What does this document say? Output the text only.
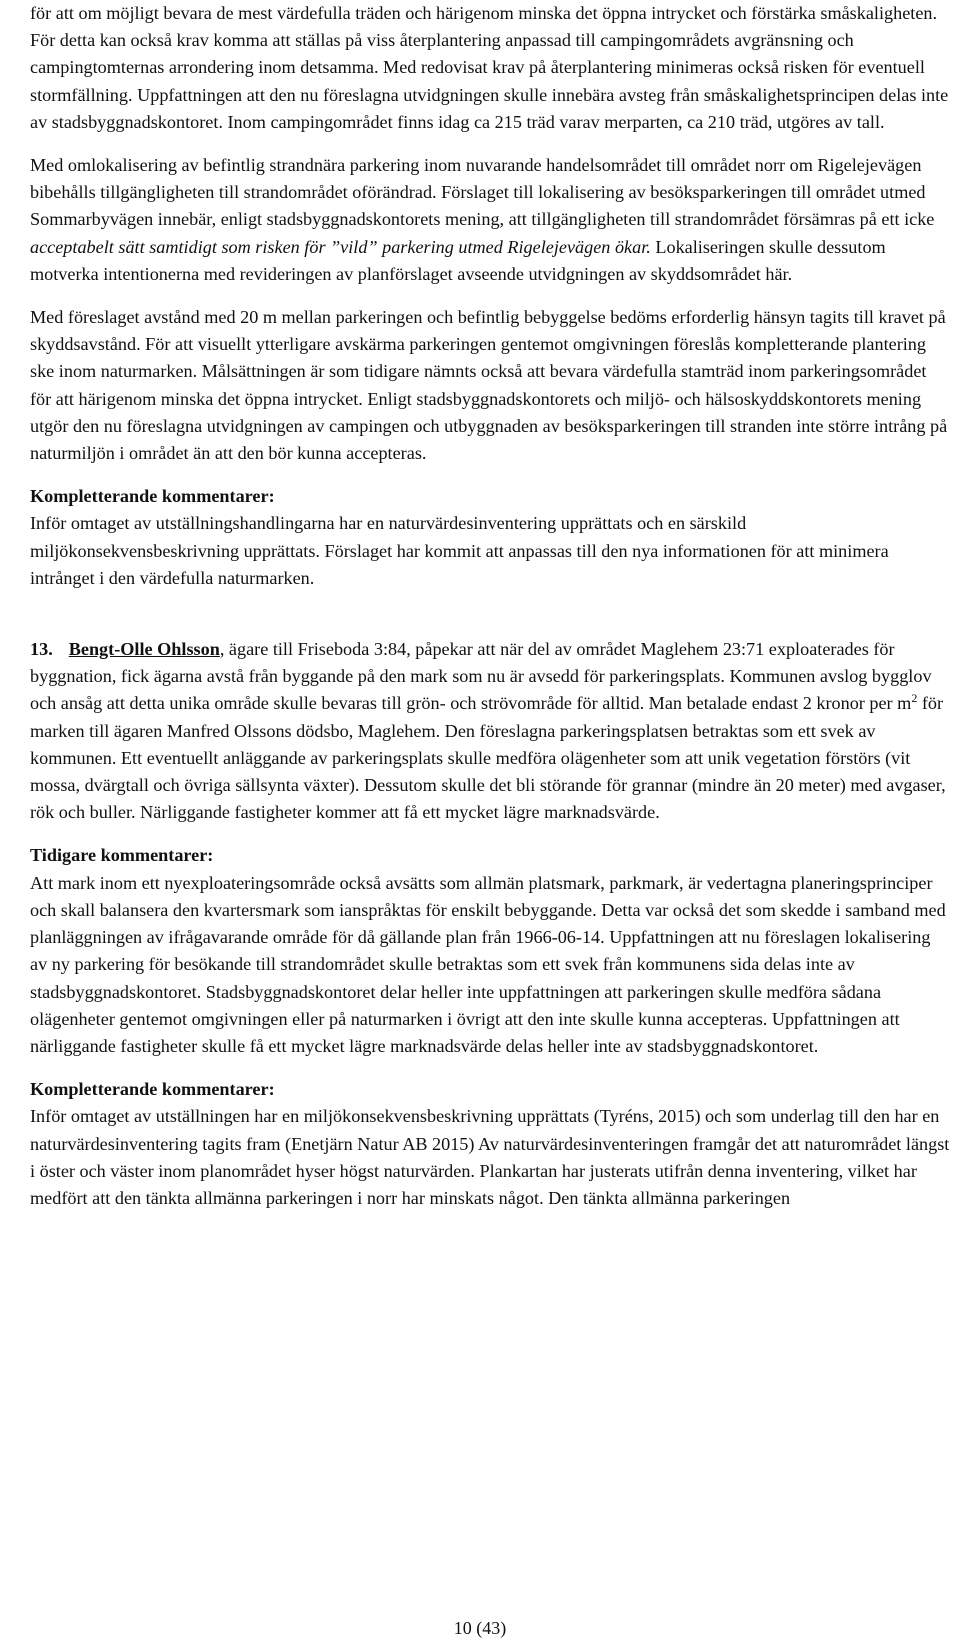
för att om möjligt bevara de mest värdefulla träden och härigenom minska det öppna intrycket och förstärka småskaligheten. För detta kan också krav komma att ställas på viss återplantering anpassad till campingområdets avgränsning och campingtomternas arrondering inom detsamma. Med redovisat krav på återplantering minimeras också risken för eventuell stormfällning. Uppfattningen att den nu föreslagna utvidgningen skulle innebära avsteg från småskalighetsprincipen delas inte av stadsbyggnadskontoret. Inom campingområdet finns idag ca 215 träd varav merparten, ca 210 träd, utgöres av tall.

Med omlokalisering av befintlig strandnära parkering inom nuvarande handelsområdet till området norr om Rigelejevägen bibehålls tillgängligheten till strandområdet oförändrad. Förslaget till lokalisering av besöksparkeringen till området utmed Sommarbyvägen innebär, enligt stadsbyggnadskontorets mening, att tillgängligheten till strandområdet försämras på ett icke acceptabelt sätt samtidigt som risken för ”vild” parkering utmed Rigelejevägen ökar. Lokaliseringen skulle dessutom motverka intentionerna med revideringen av planförslaget avseende utvidgningen av skyddsområdet här.

Med föreslaget avstånd med 20 m mellan parkeringen och befintlig bebyggelse bedöms erforderlig hänsyn tagits till kravet på skyddsavstånd. För att visuellt ytterligare avskärma parkeringen gentemot omgivningen föreslås kompletterande plantering ske inom naturmarken. Målsättningen är som tidigare nämnts också att bevara värdefulla stamträd inom parkeringsområdet för att härigenom minska det öppna intrycket. Enligt stadsbyggnadskontorets och miljö- och hälsoskyddskontorets mening utgör den nu föreslagna utvidgningen av campingen och utbyggnaden av besöksparkeringen till stranden inte större intrång på naturmiljön i området än att den bör kunna accepteras.

Kompletterande kommentarer:
Inför omtaget av utställningshandlingarna har en naturvärdesinventering upprättats och en särskild miljökonsekvensbeskrivning upprättats. Förslaget har kommit att anpassas till den nya informationen för att minimera intrånget i den värdefulla naturmarken.

13. Bengt-Olle Ohlsson, ägare till Friseboda 3:84, påpekar att när del av området Maglehem 23:71 exploaterades för byggnation, fick ägarna avstå från byggande på den mark som nu är avsedd för parkeringsplats. Kommunen avslog bygglov och ansåg att detta unika område skulle bevaras till grön- och strövområde för alltid. Man betalade endast 2 kronor per $m^2$ för marken till ägaren Manfred Olssons dödsbo, Maglehem. Den föreslagna parkeringsplatsen betraktas som ett svek av kommunen. Ett eventuellt anläggande av parkeringsplats skulle medföra olägenheter som att unik vegetation förstörs (vit mossa, dvärgtall och övriga sällsynta växter). Dessutom skulle det bli störande för grannar (mindre än 20 meter) med avgaser, rök och buller. Närliggande fastigheter kommer att få ett mycket lägre marknadsvärde.

Tidigare kommentarer:
Att mark inom ett nyexploateringsområde också avsätts som allmän platsmark, parkmark, är vedertagna planeringsprinciper och skall balansera den kvartersmark som ianspråktas för enskilt bebyggande. Detta var också det som skedde i samband med planläggningen av ifrågavarande område för då gällande plan från 1966-06-14. Uppfattningen att nu föreslagen lokalisering av ny parkering för besökande till strandområdet skulle betraktas som ett svek från kommunens sida delas inte av stadsbyggnadskontoret. Stadsbyggnadskontoret delar heller inte uppfattningen att parkeringen skulle medföra sådana olägenheter gentemot omgivningen eller på naturmarken i övrigt att den inte skulle kunna accepteras. Uppfattningen att närliggande fastigheter skulle få ett mycket lägre marknadsvärde delas heller inte av stadsbyggnadskontoret.

Kompletterande kommentarer:
Inför omtaget av utställningen har en miljökonsekvensbeskrivning upprättats (Tyréns, 2015) och som underlag till den har en naturvärdesinventering tagits fram (Enetjärn Natur AB 2015) Av naturvärdesinventeringen framgår det att naturområdet längst i öster och väster inom planområdet hyser högst naturvärden. Plankartan har justerats utifrån denna inventering, vilket har medfört att den tänkta allmänna parkeringen i norr har minskats något. Den tänkta allmänna parkeringen

10 (43)
